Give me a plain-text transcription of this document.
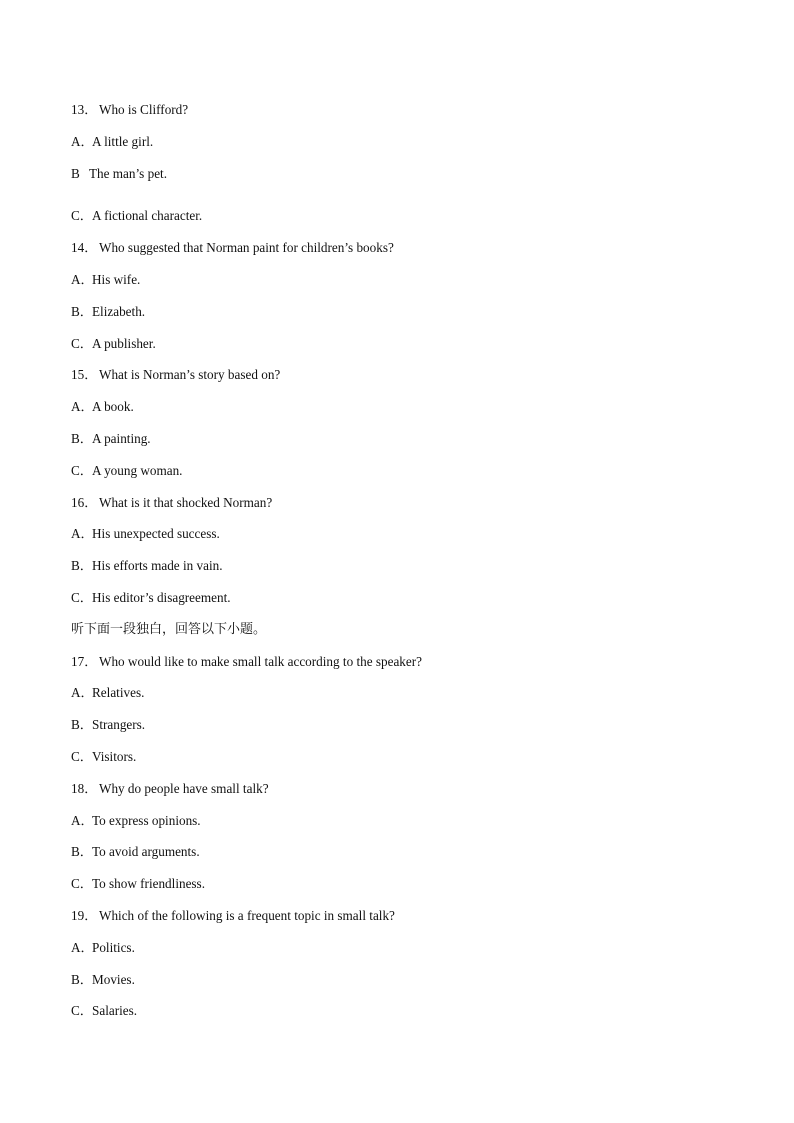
13． Who is Clifford?
A．A little girl.
B The man’s pet.
C．A fictional character.
14． Who suggested that Norman paint for children’s books?
A．His wife.
B．Elizabeth.
C．A publisher.
15． What is Norman’s story based on?
A．A book.
B．A painting.
C．A young woman.
16． What is it that shocked Norman?
A．His unexpected success.
B．His efforts made in vain.
C．His editor’s disagreement.
听下面一段独白，回答以下小题。
17． Who would like to make small talk according to the speaker?
A．Relatives.
B．Strangers.
C．Visitors.
18． Why do people have small talk?
A．To express opinions.
B．To avoid arguments.
C．To show friendliness.
19． Which of the following is a frequent topic in small talk?
A．Politics.
B．Movies.
C．Salaries.
